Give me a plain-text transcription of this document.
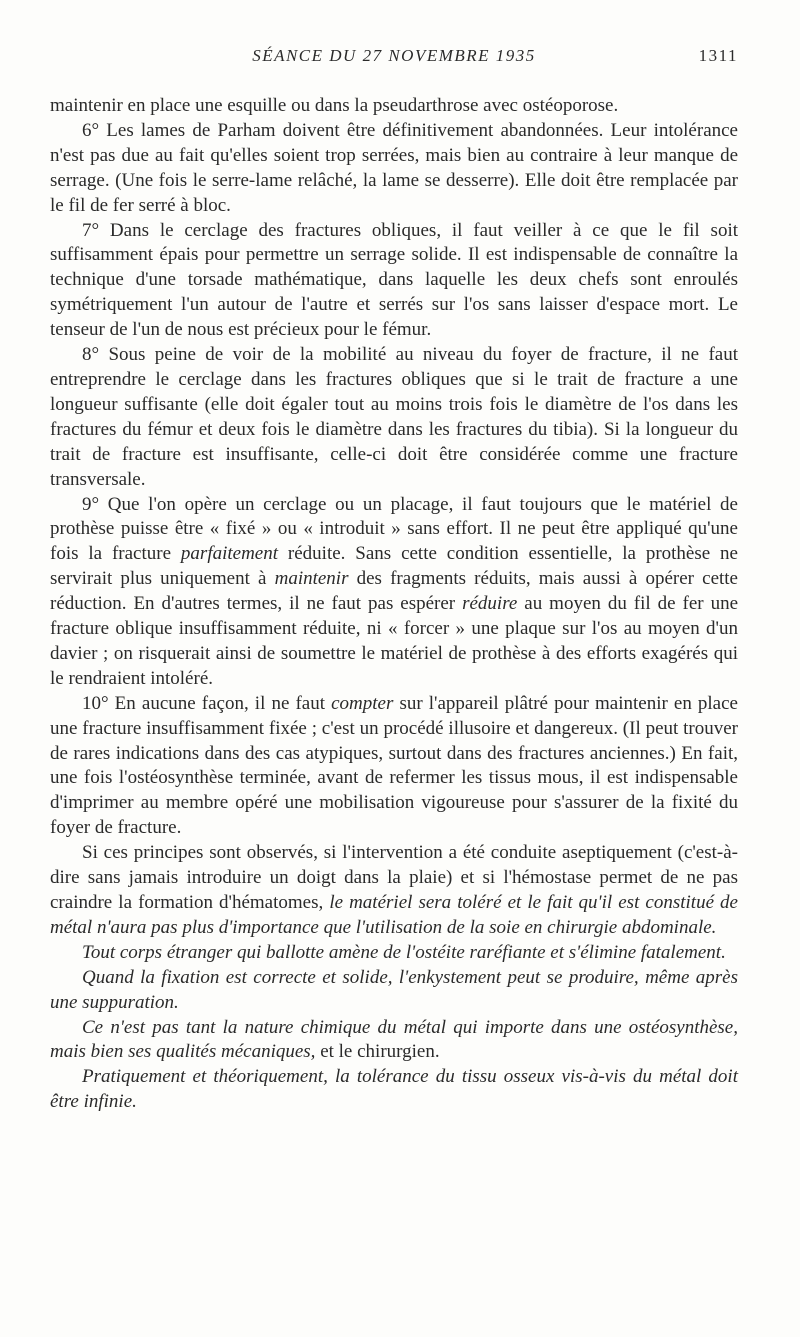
SÉANCE DU 27 NOVEMBRE 1935	1311

maintenir en place une esquille ou dans la pseudarthrose avec ostéoporose.

6° Les lames de Parham doivent être définitivement abandonnées. Leur intolérance n'est pas due au fait qu'elles soient trop serrées, mais bien au contraire à leur manque de serrage. (Une fois le serre-lame relâché, la lame se desserre). Elle doit être remplacée par le fil de fer serré à bloc.

7° Dans le cerclage des fractures obliques, il faut veiller à ce que le fil soit suffisamment épais pour permettre un serrage solide. Il est indispensable de connaître la technique d'une torsade mathématique, dans laquelle les deux chefs sont enroulés symétriquement l'un autour de l'autre et serrés sur l'os sans laisser d'espace mort. Le tenseur de l'un de nous est précieux pour le fémur.

8° Sous peine de voir de la mobilité au niveau du foyer de fracture, il ne faut entreprendre le cerclage dans les fractures obliques que si le trait de fracture a une longueur suffisante (elle doit égaler tout au moins trois fois le diamètre de l'os dans les fractures du fémur et deux fois le diamètre dans les fractures du tibia). Si la longueur du trait de fracture est insuffisante, celle-ci doit être considérée comme une fracture transversale.

9° Que l'on opère un cerclage ou un placage, il faut toujours que le matériel de prothèse puisse être « fixé » ou « introduit » sans effort. Il ne peut être appliqué qu'une fois la fracture parfaitement réduite. Sans cette condition essentielle, la prothèse ne servirait plus uniquement à maintenir des fragments réduits, mais aussi à opérer cette réduction. En d'autres termes, il ne faut pas espérer réduire au moyen du fil de fer une fracture oblique insuffisamment réduite, ni « forcer » une plaque sur l'os au moyen d'un davier ; on risquerait ainsi de soumettre le matériel de prothèse à des efforts exagérés qui le rendraient intoléré.

10° En aucune façon, il ne faut compter sur l'appareil plâtré pour maintenir en place une fracture insuffisamment fixée ; c'est un procédé illusoire et dangereux. (Il peut trouver de rares indications dans des cas atypiques, surtout dans des fractures anciennes.) En fait, une fois l'ostéosynthèse terminée, avant de refermer les tissus mous, il est indispensable d'imprimer au membre opéré une mobilisation vigoureuse pour s'assurer de la fixité du foyer de fracture.

Si ces principes sont observés, si l'intervention a été conduite aseptiquement (c'est-à-dire sans jamais introduire un doigt dans la plaie) et si l'hémostase permet de ne pas craindre la formation d'hématomes, le matériel sera toléré et le fait qu'il est constitué de métal n'aura pas plus d'importance que l'utilisation de la soie en chirurgie abdominale.

Tout corps étranger qui ballotte amène de l'ostéite raréfiante et s'élimine fatalement.

Quand la fixation est correcte et solide, l'enkystement peut se produire, même après une suppuration.

Ce n'est pas tant la nature chimique du métal qui importe dans une ostéosynthèse, mais bien ses qualités mécaniques, et le chirurgien.

Pratiquement et théoriquement, la tolérance du tissu osseux vis-à-vis du métal doit être infinie.
